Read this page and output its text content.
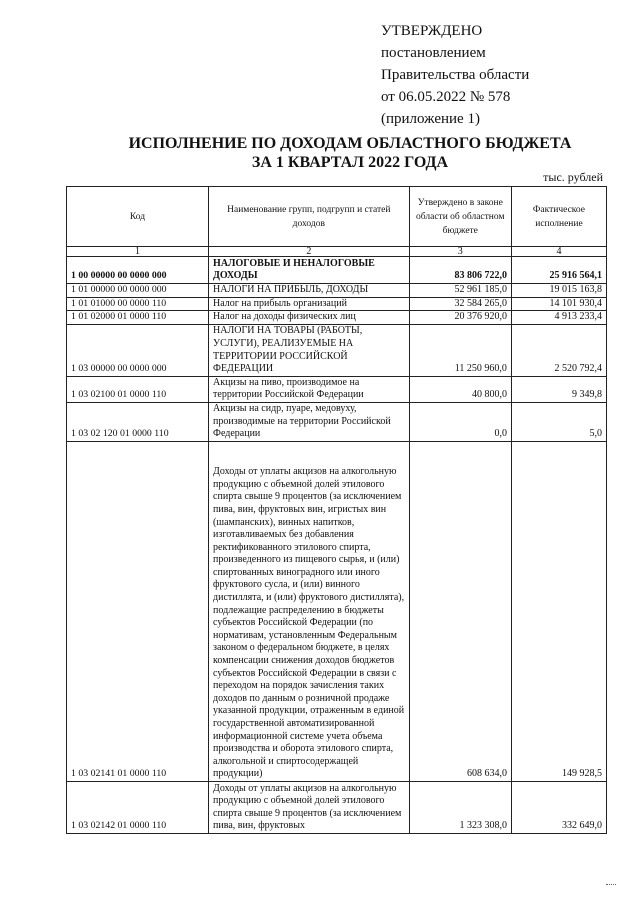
УТВЕРЖДЕНО
постановлением
Правительства области
от 06.05.2022 № 578
(приложение 1)
ИСПОЛНЕНИЕ ПО ДОХОДАМ ОБЛАСТНОГО БЮДЖЕТА
ЗА 1 КВАРТАЛ 2022 ГОДА
тыс. рублей
Код	Наименование групп, подгрупп и статей доходов	Утверждено в законе области об областном бюджете	Фактическое исполнение
1	2	3	4
1 00 00000 00 0000 000	НАЛОГОВЫЕ И НЕНАЛОГОВЫЕ ДОХОДЫ	83 806 722,0	25 916 564,1
1 01 00000 00 0000 000	НАЛОГИ НА ПРИБЫЛЬ, ДОХОДЫ	52 961 185,0	19 015 163,8
1 01 01000 00 0000 110	Налог на прибыль организаций	32 584 265,0	14 101 930,4
1 01 02000 01 0000 110	Налог на доходы физических лиц	20 376 920,0	4 913 233,4
1 03 00000 00 0000 000	НАЛОГИ НА ТОВАРЫ (РАБОТЫ, УСЛУГИ), РЕАЛИЗУЕМЫЕ НА ТЕРРИТОРИИ РОССИЙСКОЙ ФЕДЕРАЦИИ	11 250 960,0	2 520 792,4
1 03 02100 01 0000 110	Акцизы на пиво, производимое на территории Российской Федерации	40 800,0	9 349,8
1 03 02 120 01 0000 110	Акцизы на сидр, пуаре, медовуху, производимые на территории Российской Федерации	0,0	5,0
1 03 02141 01 0000 110	Доходы от уплаты акцизов на алкогольную продукцию с объемной долей этилового спирта свыше 9 процентов (за исключением пива, вин, фруктовых вин, игристых вин (шампанских), винных напитков, изготавливаемых без добавления ректификованного этилового спирта, произведенного из пищевого сырья, и (или) спиртованных виноградного или иного фруктового сусла, и (или) винного дистиллята, и (или) фруктового дистиллята), подлежащие распределению в бюджеты субъектов Российской Федерации (по нормативам, установленным Федеральным законом о федеральном бюджете, в целях компенсации снижения доходов бюджетов субъектов Российской Федерации в связи с переходом на порядок зачисления таких доходов по данным о розничной продаже указанной продукции, отраженным в единой государственной автоматизированной информационной системе учета объема производства и оборота этилового спирта, алкогольной и спиртосодержащей продукции)	608 634,0	149 928,5
1 03 02142 01 0000 110	Доходы от уплаты акцизов на алкогольную продукцию с объемной долей этилового спирта свыше 9 процентов (за исключением пива, вин, фруктовых	1 323 308,0	332 649,0
